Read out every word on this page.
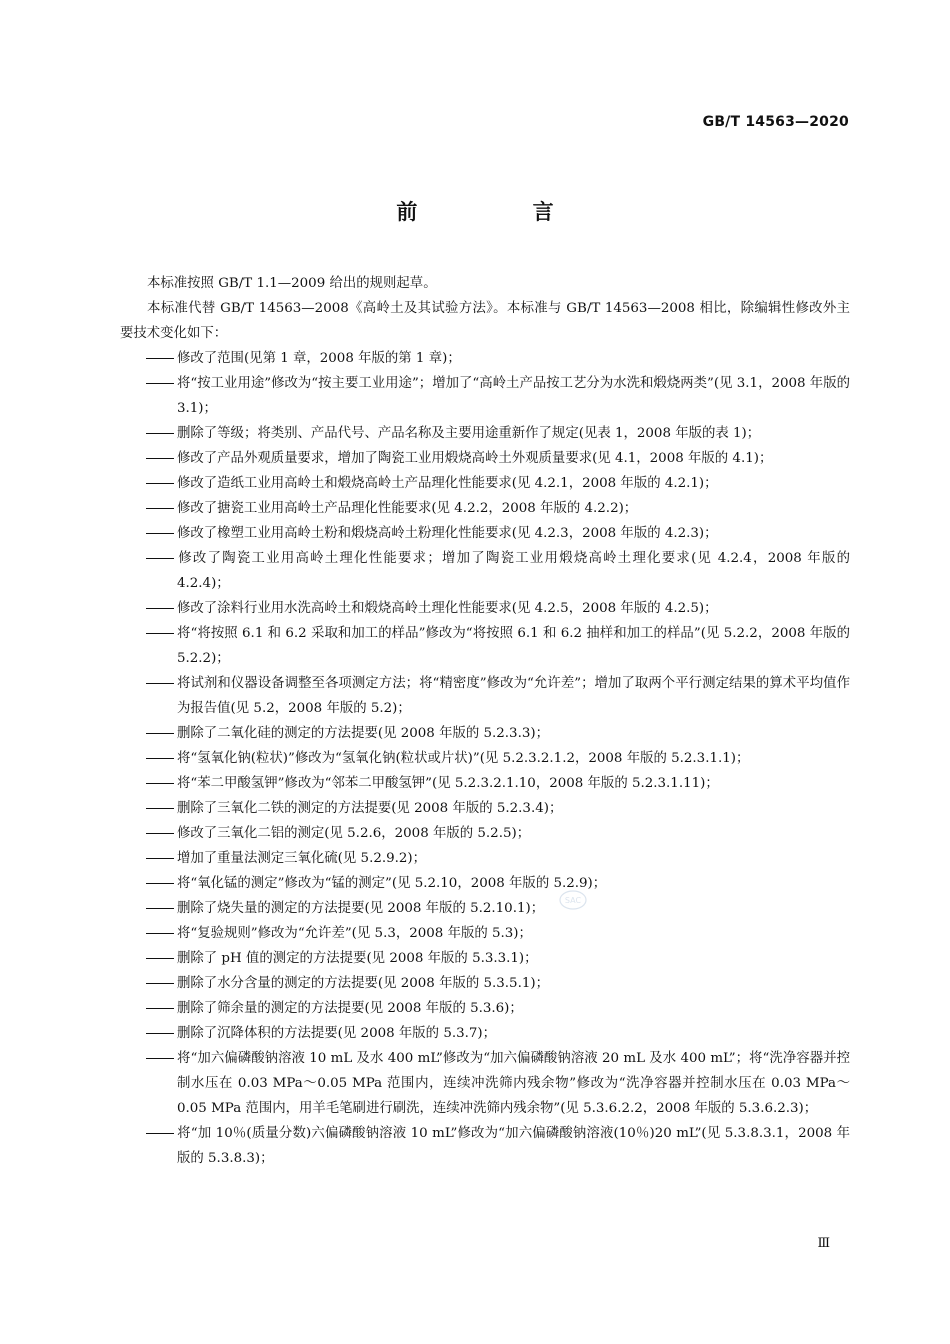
GB/T 14563—2020
前 言

本标准按照 GB/T 1.1—2009 给出的规则起草。

本标准代替 GB/T 14563—2008《高岭土及其试验方法》。本标准与 GB/T 14563—2008 相比，除编辑性修改外主要技术变化如下：

修改了范围(见第 1 章，2008 年版的第 1 章)；

将“按工业用途”修改为“按主要工业用途”；增加了“高岭土产品按工艺分为水洗和煅烧两类”(见 3.1，2008 年版的 3.1)；

删除了等级；将类别、产品代号、产品名称及主要用途重新作了规定(见表 1，2008 年版的表 1)；

修改了产品外观质量要求，增加了陶瓷工业用煅烧高岭土外观质量要求(见 4.1，2008 年版的 4.1)；

修改了造纸工业用高岭土和煅烧高岭土产品理化性能要求(见 4.2.1，2008 年版的 4.2.1)；

修改了搪瓷工业用高岭土产品理化性能要求(见 4.2.2，2008 年版的 4.2.2)；

修改了橡塑工业用高岭土粉和煅烧高岭土粉理化性能要求(见 4.2.3，2008 年版的 4.2.3)；

修改了陶瓷工业用高岭土理化性能要求；增加了陶瓷工业用煅烧高岭土理化要求(见 4.2.4，2008 年版的 4.2.4)；

修改了涂料行业用水洗高岭土和煅烧高岭土理化性能要求(见 4.2.5，2008 年版的 4.2.5)；

将“将按照 6.1 和 6.2 采取和加工的样品”修改为“将按照 6.1 和 6.2 抽样和加工的样品”(见 5.2.2，2008 年版的 5.2.2)；

将试剂和仪器设备调整至各项测定方法；将“精密度”修改为“允许差”；增加了取两个平行测定结果的算术平均值作为报告值(见 5.2，2008 年版的 5.2)；

删除了二氧化硅的测定的方法提要(见 2008 年版的 5.2.3.3)；

将“氢氧化钠(粒状)”修改为“氢氧化钠(粒状或片状)”(见 5.2.3.2.1.2，2008 年版的 5.2.3.1.1)；

将“苯二甲酸氢钾”修改为“邻苯二甲酸氢钾”(见 5.2.3.2.1.10，2008 年版的 5.2.3.1.11)；

删除了三氧化二铁的测定的方法提要(见 2008 年版的 5.2.3.4)；

修改了三氧化二铝的测定(见 5.2.6，2008 年版的 5.2.5)；

增加了重量法测定三氧化硫(见 5.2.9.2)；

将“氧化锰的测定”修改为“锰的测定”(见 5.2.10，2008 年版的 5.2.9)；

删除了烧失量的测定的方法提要(见 2008 年版的 5.2.10.1)；

将“复验规则”修改为“允许差”(见 5.3，2008 年版的 5.3)；

删除了 pH 值的测定的方法提要(见 2008 年版的 5.3.3.1)；

删除了水分含量的测定的方法提要(见 2008 年版的 5.3.5.1)；

删除了筛余量的测定的方法提要(见 2008 年版的 5.3.6)；

删除了沉降体积的方法提要(见 2008 年版的 5.3.7)；

将“加六偏磷酸钠溶液 10 mL 及水 400 mL”修改为“加六偏磷酸钠溶液 20 mL 及水 400 mL”；将“洗净容器并控制水压在 0.03 MPa～0.05 MPa 范围内，连续冲洗筛内残余物”修改为“洗净容器并控制水压在 0.03 MPa～0.05 MPa 范围内，用羊毛笔刷进行刷洗，连续冲洗筛内残余物”(见 5.3.6.2.2，2008 年版的 5.3.6.2.3)；

将“加 10％(质量分数)六偏磷酸钠溶液 10 mL”修改为“加六偏磷酸钠溶液(10％)20 mL”(见 5.3.8.3.1，2008 年版的 5.3.8.3)；

SAC
Ⅲ
